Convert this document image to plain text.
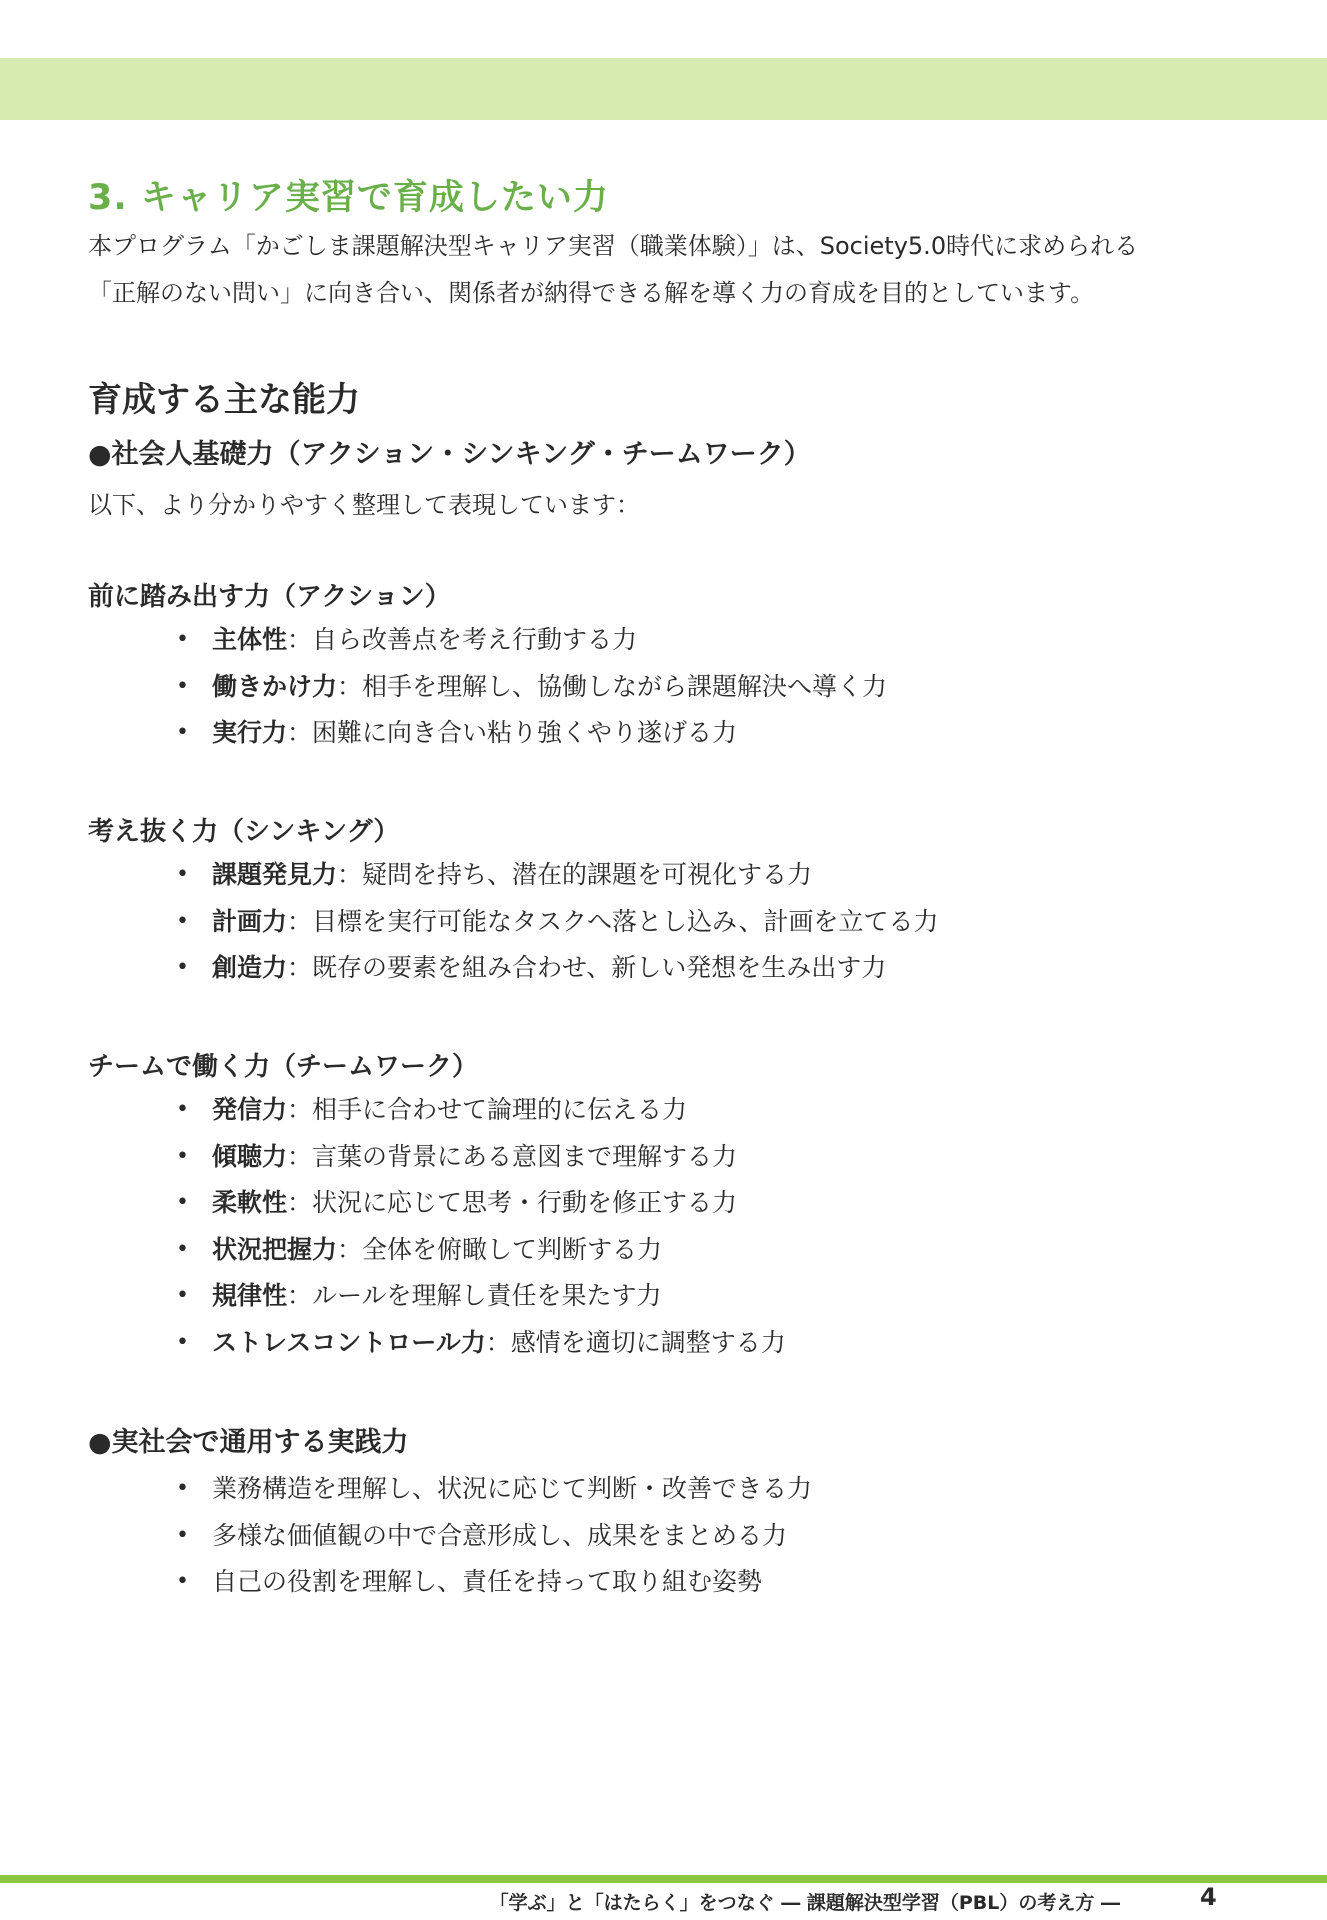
3. キャリア実習で育成したい力

本プログラム「かごしま課題解決型キャリア実習（職業体験）」は、Society5.0時代に求められる

「正解のない問い」に向き合い、関係者が納得できる解を導く力の育成を目的としています。

育成する主な能力
●社会人基礎力（アクション・シンキング・チームワーク）

以下、より分かりやすく整理して表現しています：

前に踏み出す力（アクション）
• 主体性：自ら改善点を考え行動する力
• 働きかけ力：相手を理解し、協働しながら課題解決へ導く力
• 実行力：困難に向き合い粘り強くやり遂げる力
考え抜く力（シンキング）
• 課題発見力：疑問を持ち、潜在的課題を可視化する力
• 計画力：目標を実行可能なタスクへ落とし込み、計画を立てる力
• 創造力：既存の要素を組み合わせ、新しい発想を生み出す力
チームで働く力（チームワーク）
• 発信力：相手に合わせて論理的に伝える力
• 傾聴力：言葉の背景にある意図まで理解する力
• 柔軟性：状況に応じて思考・行動を修正する力
• 状況把握力：全体を俯瞰して判断する力
• 規律性：ルールを理解し責任を果たす力
• ストレスコントロール力：感情を適切に調整する力
●実社会で通用する実践力
• 業務構造を理解し、状況に応じて判断・改善できる力
• 多様な価値観の中で合意形成し、成果をまとめる力
• 自己の役割を理解し、責任を持って取り組む姿勢

「学ぶ」と「はたらく」をつなぐ ― 課題解決型学習（PBL）の考え方 ―	4
